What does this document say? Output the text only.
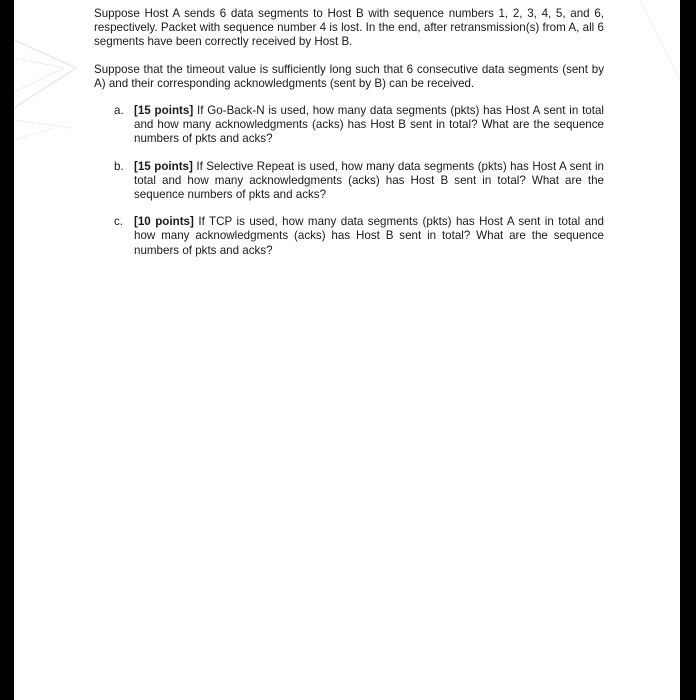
Suppose Host A sends 6 data segments to Host B with sequence numbers 1, 2, 3, 4, 5, and 6, respectively. Packet with sequence number 4 is lost. In the end, after retransmission(s) from A, all 6 segments have been correctly received by Host B.

Suppose that the timeout value is sufficiently long such that 6 consecutive data segments (sent by A) and their corresponding acknowledgments (sent by B) can be received.

a. [15 points] If Go-Back-N is used, how many data segments (pkts) has Host A sent in total and how many acknowledgments (acks) has Host B sent in total? What are the sequence numbers of pkts and acks?
b. [15 points] If Selective Repeat is used, how many data segments (pkts) has Host A sent in total and how many acknowledgments (acks) has Host B sent in total? What are the sequence numbers of pkts and acks?
c. [10 points] If TCP is used, how many data segments (pkts) has Host A sent in total and how many acknowledgments (acks) has Host B sent in total? What are the sequence numbers of pkts and acks?
